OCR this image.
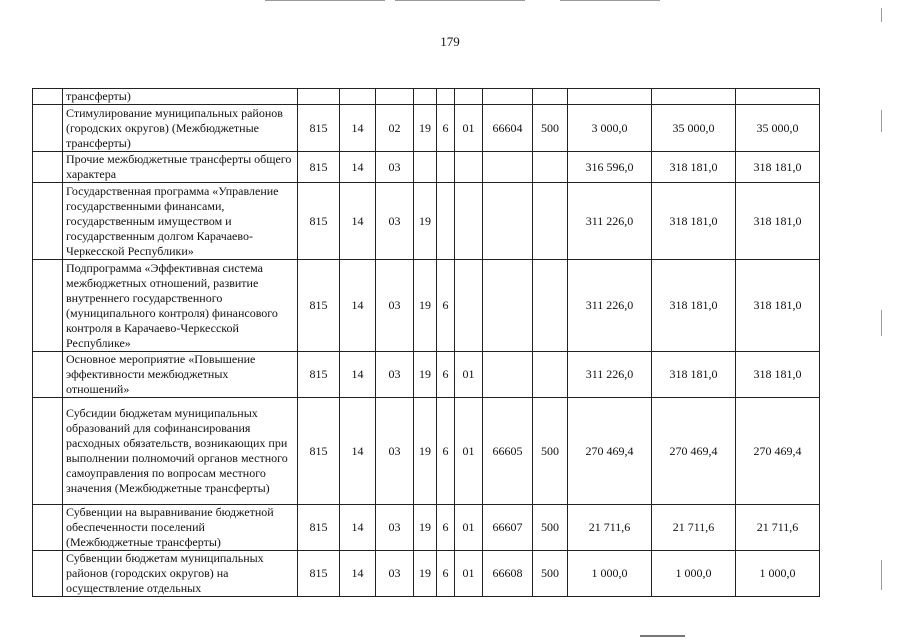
179
	трансферты)											
	Стимулирование муниципальных районов (городских округов) (Межбюджетные трансферты)	815	14	02	19	6	01	66604	500	3 000,0	35 000,0	35 000,0
	Прочие межбюджетные трансферты общего характера	815	14	03						316 596,0	318 181,0	318 181,0
	Государственная программа «Управление государственными финансами, государственным имуществом и государственным долгом Карачаево-Черкесской Республики»	815	14	03	19					311 226,0	318 181,0	318 181,0
	Подпрограмма «Эффективная система межбюджетных отношений, развитие внутреннего государственного (муниципального контроля) финансового контроля в Карачаево-Черкесской Республике»	815	14	03	19	6				311 226,0	318 181,0	318 181,0
	Основное мероприятие «Повышение эффективности межбюджетных отношений»	815	14	03	19	6	01			311 226,0	318 181,0	318 181,0
	Субсидии бюджетам муниципальных образований для софинансирования расходных обязательств, возникающих при выполнении полномочий органов местного самоуправления по вопросам местного значения (Межбюджетные трансферты)	815	14	03	19	6	01	66605	500	270 469,4	270 469,4	270 469,4
	Субвенции на выравнивание бюджетной обеспеченности поселений (Межбюджетные трансферты)	815	14	03	19	6	01	66607	500	21 711,6	21 711,6	21 711,6
	Субвенции бюджетам муниципальных районов (городских округов) на осуществление отдельных	815	14	03	19	6	01	66608	500	1 000,0	1 000,0	1 000,0
